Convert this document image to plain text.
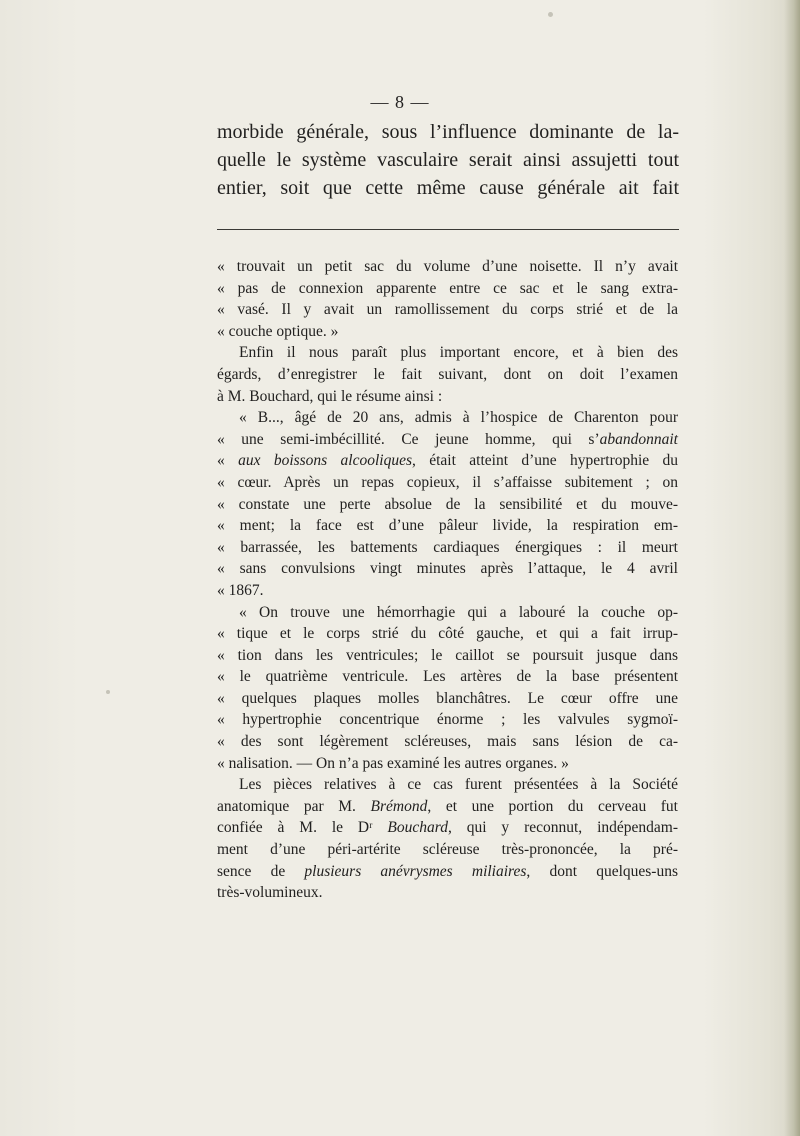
— 8 —
morbide générale, sous l’influence dominante de la-
quelle le système vasculaire serait ainsi assujetti tout
entier, soit que cette même cause générale ait fait
« trouvait un petit sac du volume d’une noisette. Il n’y avait
« pas de connexion apparente entre ce sac et le sang extra-
« vasé. Il y avait un ramollissement du corps strié et de la
« couche optique. »
Enfin il nous paraît plus important encore, et à bien des
égards, d’enregistrer le fait suivant, dont on doit l’examen
à M. Bouchard, qui le résume ainsi :
« B..., âgé de 20 ans, admis à l’hospice de Charenton pour
« une semi-imbécillité. Ce jeune homme, qui s’abandonnait
« aux boissons alcooliques, était atteint d’une hypertrophie du
« cœur. Après un repas copieux, il s’affaisse subitement ; on
« constate une perte absolue de la sensibilité et du mouve-
« ment; la face est d’une pâleur livide, la respiration em-
« barrassée, les battements cardiaques énergiques : il meurt
« sans convulsions vingt minutes après l’attaque, le 4 avril
« 1867.
« On trouve une hémorrhagie qui a labouré la couche op-
« tique et le corps strié du côté gauche, et qui a fait irrup-
« tion dans les ventricules; le caillot se poursuit jusque dans
« le quatrième ventricule. Les artères de la base présentent
« quelques plaques molles blanchâtres. Le cœur offre une
« hypertrophie concentrique énorme ; les valvules sygmoï-
« des sont légèrement scléreuses, mais sans lésion de ca-
« nalisation. — On n’a pas examiné les autres organes. »
Les pièces relatives à ce cas furent présentées à la Société
anatomique par M. Brémond, et une portion du cerveau fut
confiée à M. le Dʳ Bouchard, qui y reconnut, indépendam-
ment d’une péri-artérite scléreuse très-prononcée, la pré-
sence de plusieurs anévrysmes miliaires, dont quelques-uns
très-volumineux.
